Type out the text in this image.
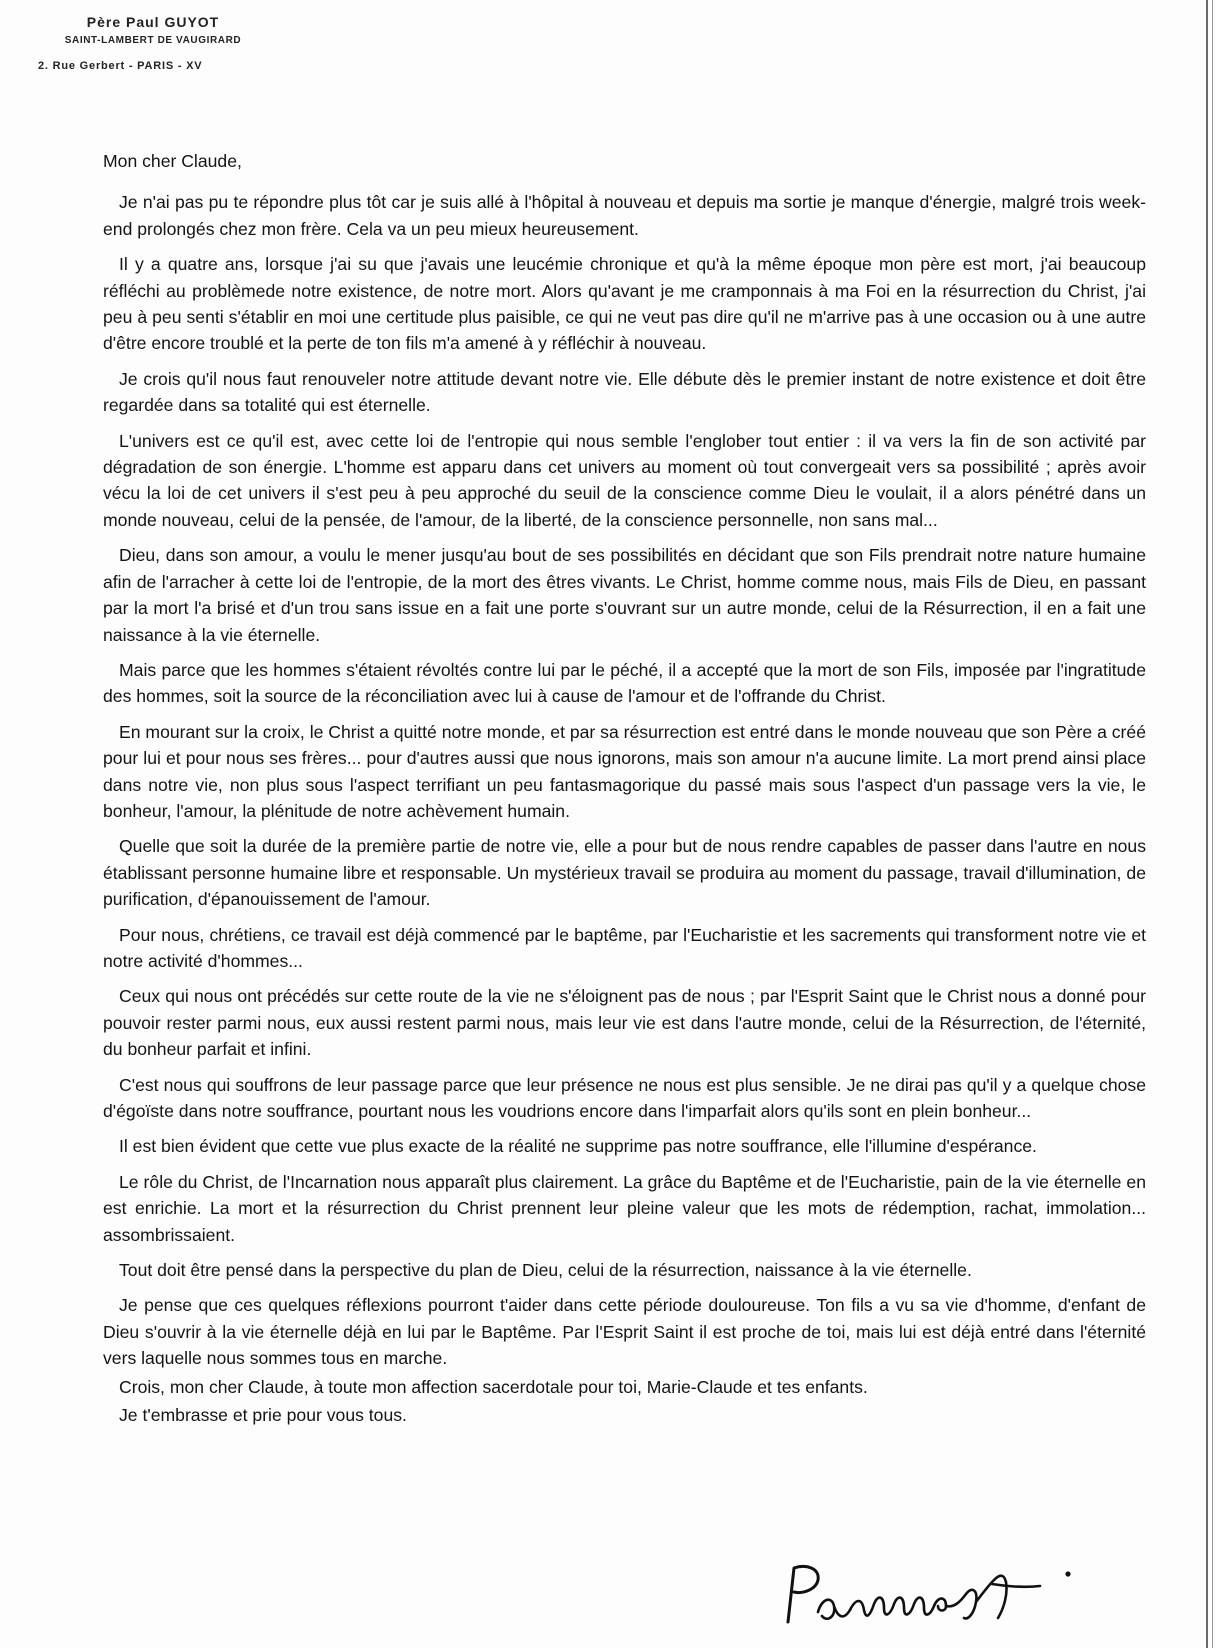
Père Paul GUYOT
SAINT-LAMBERT DE VAUGIRARD
2. Rue Gerbert - PARIS - XV

Mon cher Claude,

Je n'ai pas pu te répondre plus tôt car je suis allé à l'hôpital à nouveau et depuis ma sortie je manque d'énergie, malgré trois week-end prolongés chez mon frère. Cela va un peu mieux heureusement.

Il y a quatre ans, lorsque j'ai su que j'avais une leucémie chronique et qu'à la même époque mon père est mort, j'ai beaucoup réfléchi au problèmede notre existence, de notre mort. Alors qu'avant je me cramponnais à ma Foi en la résurrection du Christ, j'ai peu à peu senti s'établir en moi une certitude plus paisible, ce qui ne veut pas dire qu'il ne m'arrive pas à une occasion ou à une autre d'être encore troublé et la perte de ton fils m'a amené à y réfléchir à nouveau.

Je crois qu'il nous faut renouveler notre attitude devant notre vie. Elle débute dès le premier instant de notre existence et doit être regardée dans sa totalité qui est éternelle.

L'univers est ce qu'il est, avec cette loi de l'entropie qui nous semble l'englober tout entier : il va vers la fin de son activité par dégradation de son énergie. L'homme est apparu dans cet univers au moment où tout convergeait vers sa possibilité ; après avoir vécu la loi de cet univers il s'est peu à peu approché du seuil de la conscience comme Dieu le voulait, il a alors pénétré dans un monde nouveau, celui de la pensée, de l'amour, de la liberté, de la conscience personnelle, non sans mal...

Dieu, dans son amour, a voulu le mener jusqu'au bout de ses possibilités en décidant que son Fils prendrait notre nature humaine afin de l'arracher à cette loi de l'entropie, de la mort des êtres vivants. Le Christ, homme comme nous, mais Fils de Dieu, en passant par la mort l'a brisé et d'un trou sans issue en a fait une porte s'ouvrant sur un autre monde, celui de la Résurrection, il en a fait une naissance à la vie éternelle.

Mais parce que les hommes s'étaient révoltés contre lui par le péché, il a accepté que la mort de son Fils, imposée par l'ingratitude des hommes, soit la source de la réconciliation avec lui à cause de l'amour et de l'offrande du Christ.

En mourant sur la croix, le Christ a quitté notre monde, et par sa résurrection est entré dans le monde nouveau que son Père a créé pour lui et pour nous ses frères... pour d'autres aussi que nous ignorons, mais son amour n'a aucune limite. La mort prend ainsi place dans notre vie, non plus sous l'aspect terrifiant un peu fantasmagorique du passé mais sous l'aspect d'un passage vers la vie, le bonheur, l'amour, la plénitude de notre achèvement humain.

Quelle que soit la durée de la première partie de notre vie, elle a pour but de nous rendre capables de passer dans l'autre en nous établissant personne humaine libre et responsable. Un mystérieux travail se produira au moment du passage, travail d'illumination, de purification, d'épanouissement de l'amour.

Pour nous, chrétiens, ce travail est déjà commencé par le baptême, par l'Eucharistie et les sacrements qui transforment notre vie et notre activité d'hommes...

Ceux qui nous ont précédés sur cette route de la vie ne s'éloignent pas de nous ; par l'Esprit Saint que le Christ nous a donné pour pouvoir rester parmi nous, eux aussi restent parmi nous, mais leur vie est dans l'autre monde, celui de la Résurrection, de l'éternité, du bonheur parfait et infini.

C'est nous qui souffrons de leur passage parce que leur présence ne nous est plus sensible. Je ne dirai pas qu'il y a quelque chose d'égoïste dans notre souffrance, pourtant nous les voudrions encore dans l'imparfait alors qu'ils sont en plein bonheur...

Il est bien évident que cette vue plus exacte de la réalité ne supprime pas notre souffrance, elle l'illumine d'espérance.

Le rôle du Christ, de l'Incarnation nous apparaît plus clairement. La grâce du Baptême et de l'Eucharistie, pain de la vie éternelle en est enrichie. La mort et la résurrection du Christ prennent leur pleine valeur que les mots de rédemption, rachat, immolation... assombrissaient.

Tout doit être pensé dans la perspective du plan de Dieu, celui de la résurrection, naissance à la vie éternelle.

Je pense que ces quelques réflexions pourront t'aider dans cette période douloureuse. Ton fils a vu sa vie d'homme, d'enfant de Dieu s'ouvrir à la vie éternelle déjà en lui par le Baptême. Par l'Esprit Saint il est proche de toi, mais lui est déjà entré dans l'éternité vers laquelle nous sommes tous en marche.

Crois, mon cher Claude, à toute mon affection sacerdotale pour toi, Marie-Claude et tes enfants.

Je t'embrasse et prie pour vous tous.
